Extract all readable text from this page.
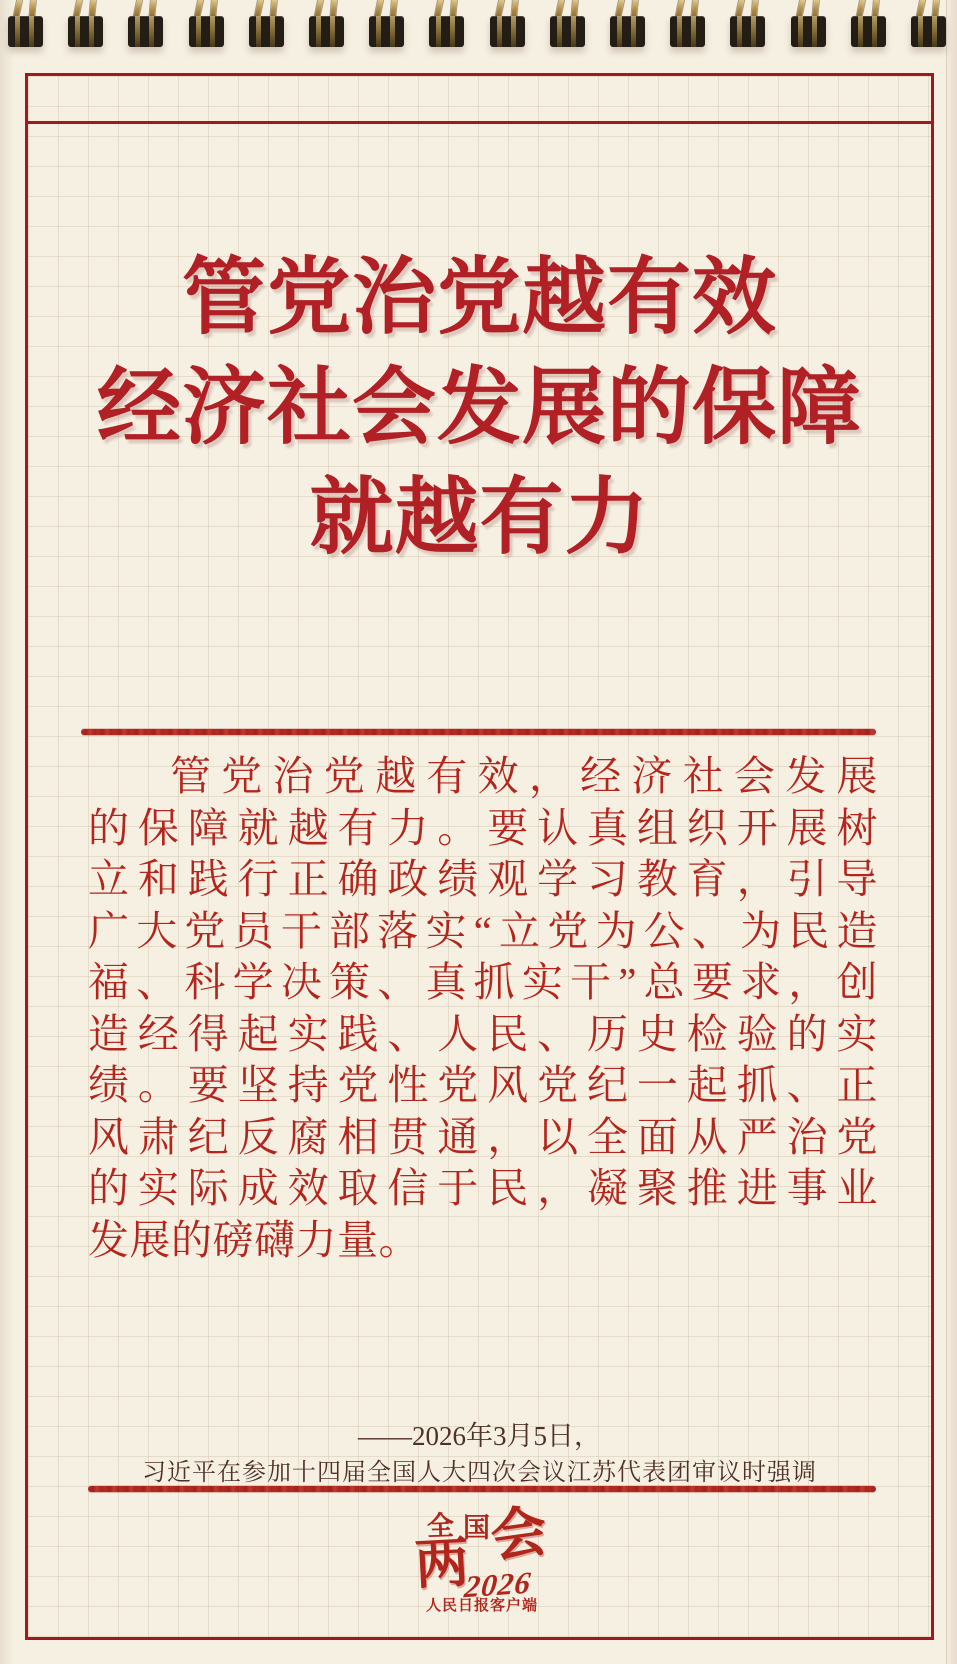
管党治党越有效
经济社会发展的保障
就越有力
管党治党越有效，经济社会发展
的保障就越有力。要认真组织开展树
立和践行正确政绩观学习教育，引导
广大党员干部落实“立党为公、为民造
福、科学决策、真抓实干”总要求，创
造经得起实践、人民、历史检验的实
绩。要坚持党性党风党纪一起抓、正
风肃纪反腐相贯通，以全面从严治党
的实际成效取信于民，凝聚推进事业
发展的磅礴力量。
——2026年3月5日，
习近平在参加十四届全国人大四次会议江苏代表团审议时强调
全 国
会
两
2026
人民日报客户端
